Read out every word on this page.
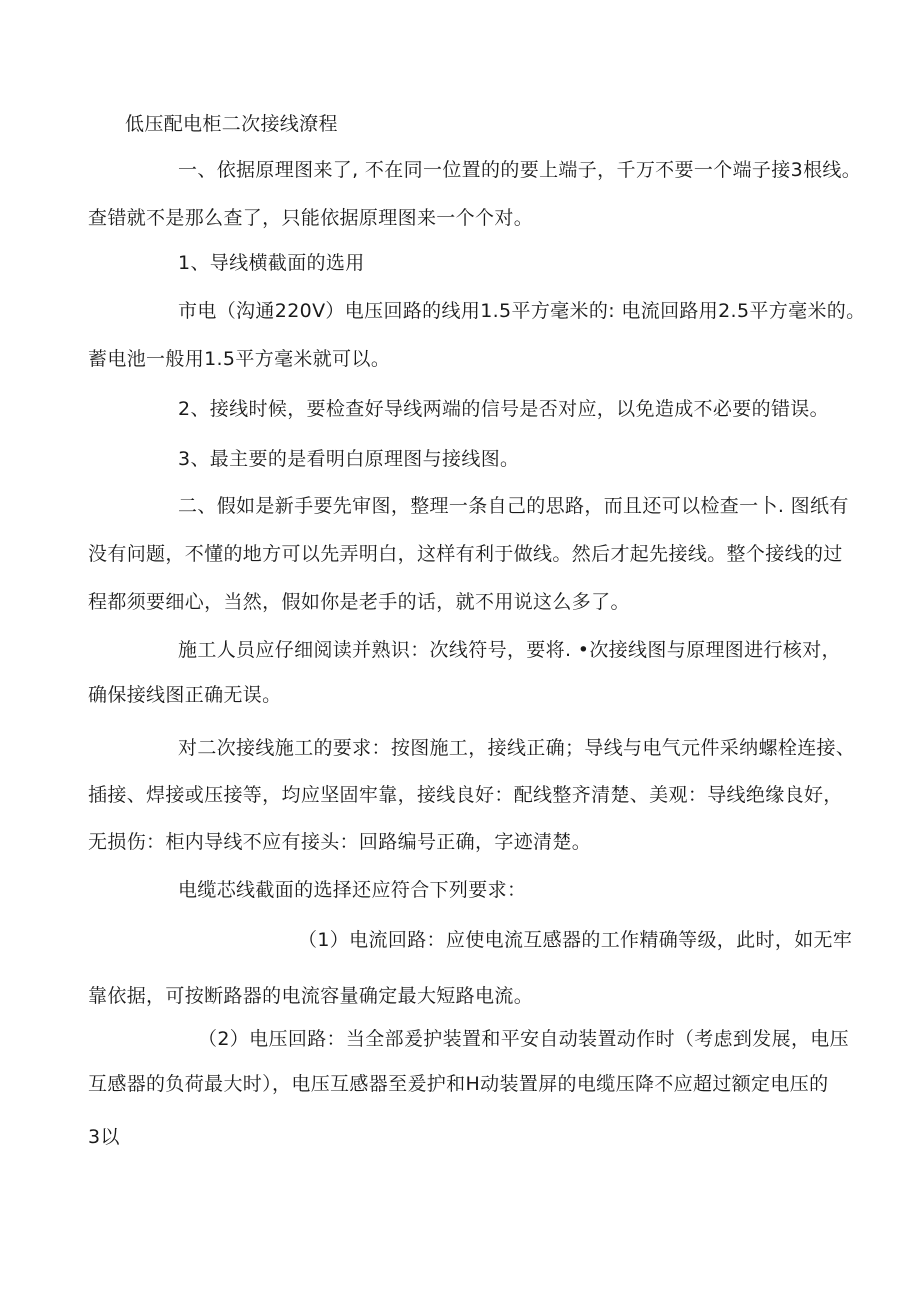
低压配电柜二次接线潦程
一、依据原理图来了, 不在同一位置的的要上端子，千万不要一个端子接3根线。
查错就不是那么查了，只能依据原理图来一个个对。
1、导线横截面的选用
市电（沟通220V）电压回路的线用1.5平方毫米的: 电流回路用2.5平方毫米的。
蓄电池一般用1.5平方毫米就可以。
2、接线时候，要检查好导线两端的信号是否对应，以免造成不必要的错误。
3、最主要的是看明白原理图与接线图。
二、假如是新手要先审图，整理一条自己的思路，而且还可以检查一卜. 图纸有
没有问题，不懂的地方可以先弄明白，这样有利于做线。然后才起先接线。整个接线的过
程都须要细心，当然，假如你是老手的话，就不用说这么多了。
施工人员应仔细阅读并熟识：次线符号，要将. •次接线图与原理图进行核对，
确保接线图正确无误。
对二次接线施工的要求：按图施工，接线正确；导线与电气元件采纳螺栓连接、
插接、焊接或压接等，均应坚固牢靠，接线良好：配线整齐清楚、美观：导线绝缘良好，
无损伤：柜内导线不应有接头：回路编号正确，字迹清楚。
电缆芯线截面的选择还应符合下列要求：
（1）电流回路：应使电流互感器的工作精确等级，此时，如无牢
靠依据，可按断路器的电流容量确定最大短路电流。
（2）电压回路：当全部爰护装置和平安自动装置动作时（考虑到发展，电压
互感器的负荷最大时），电压互感器至爰护和H动装置屏的电缆压降不应超过额定电压的
3以
